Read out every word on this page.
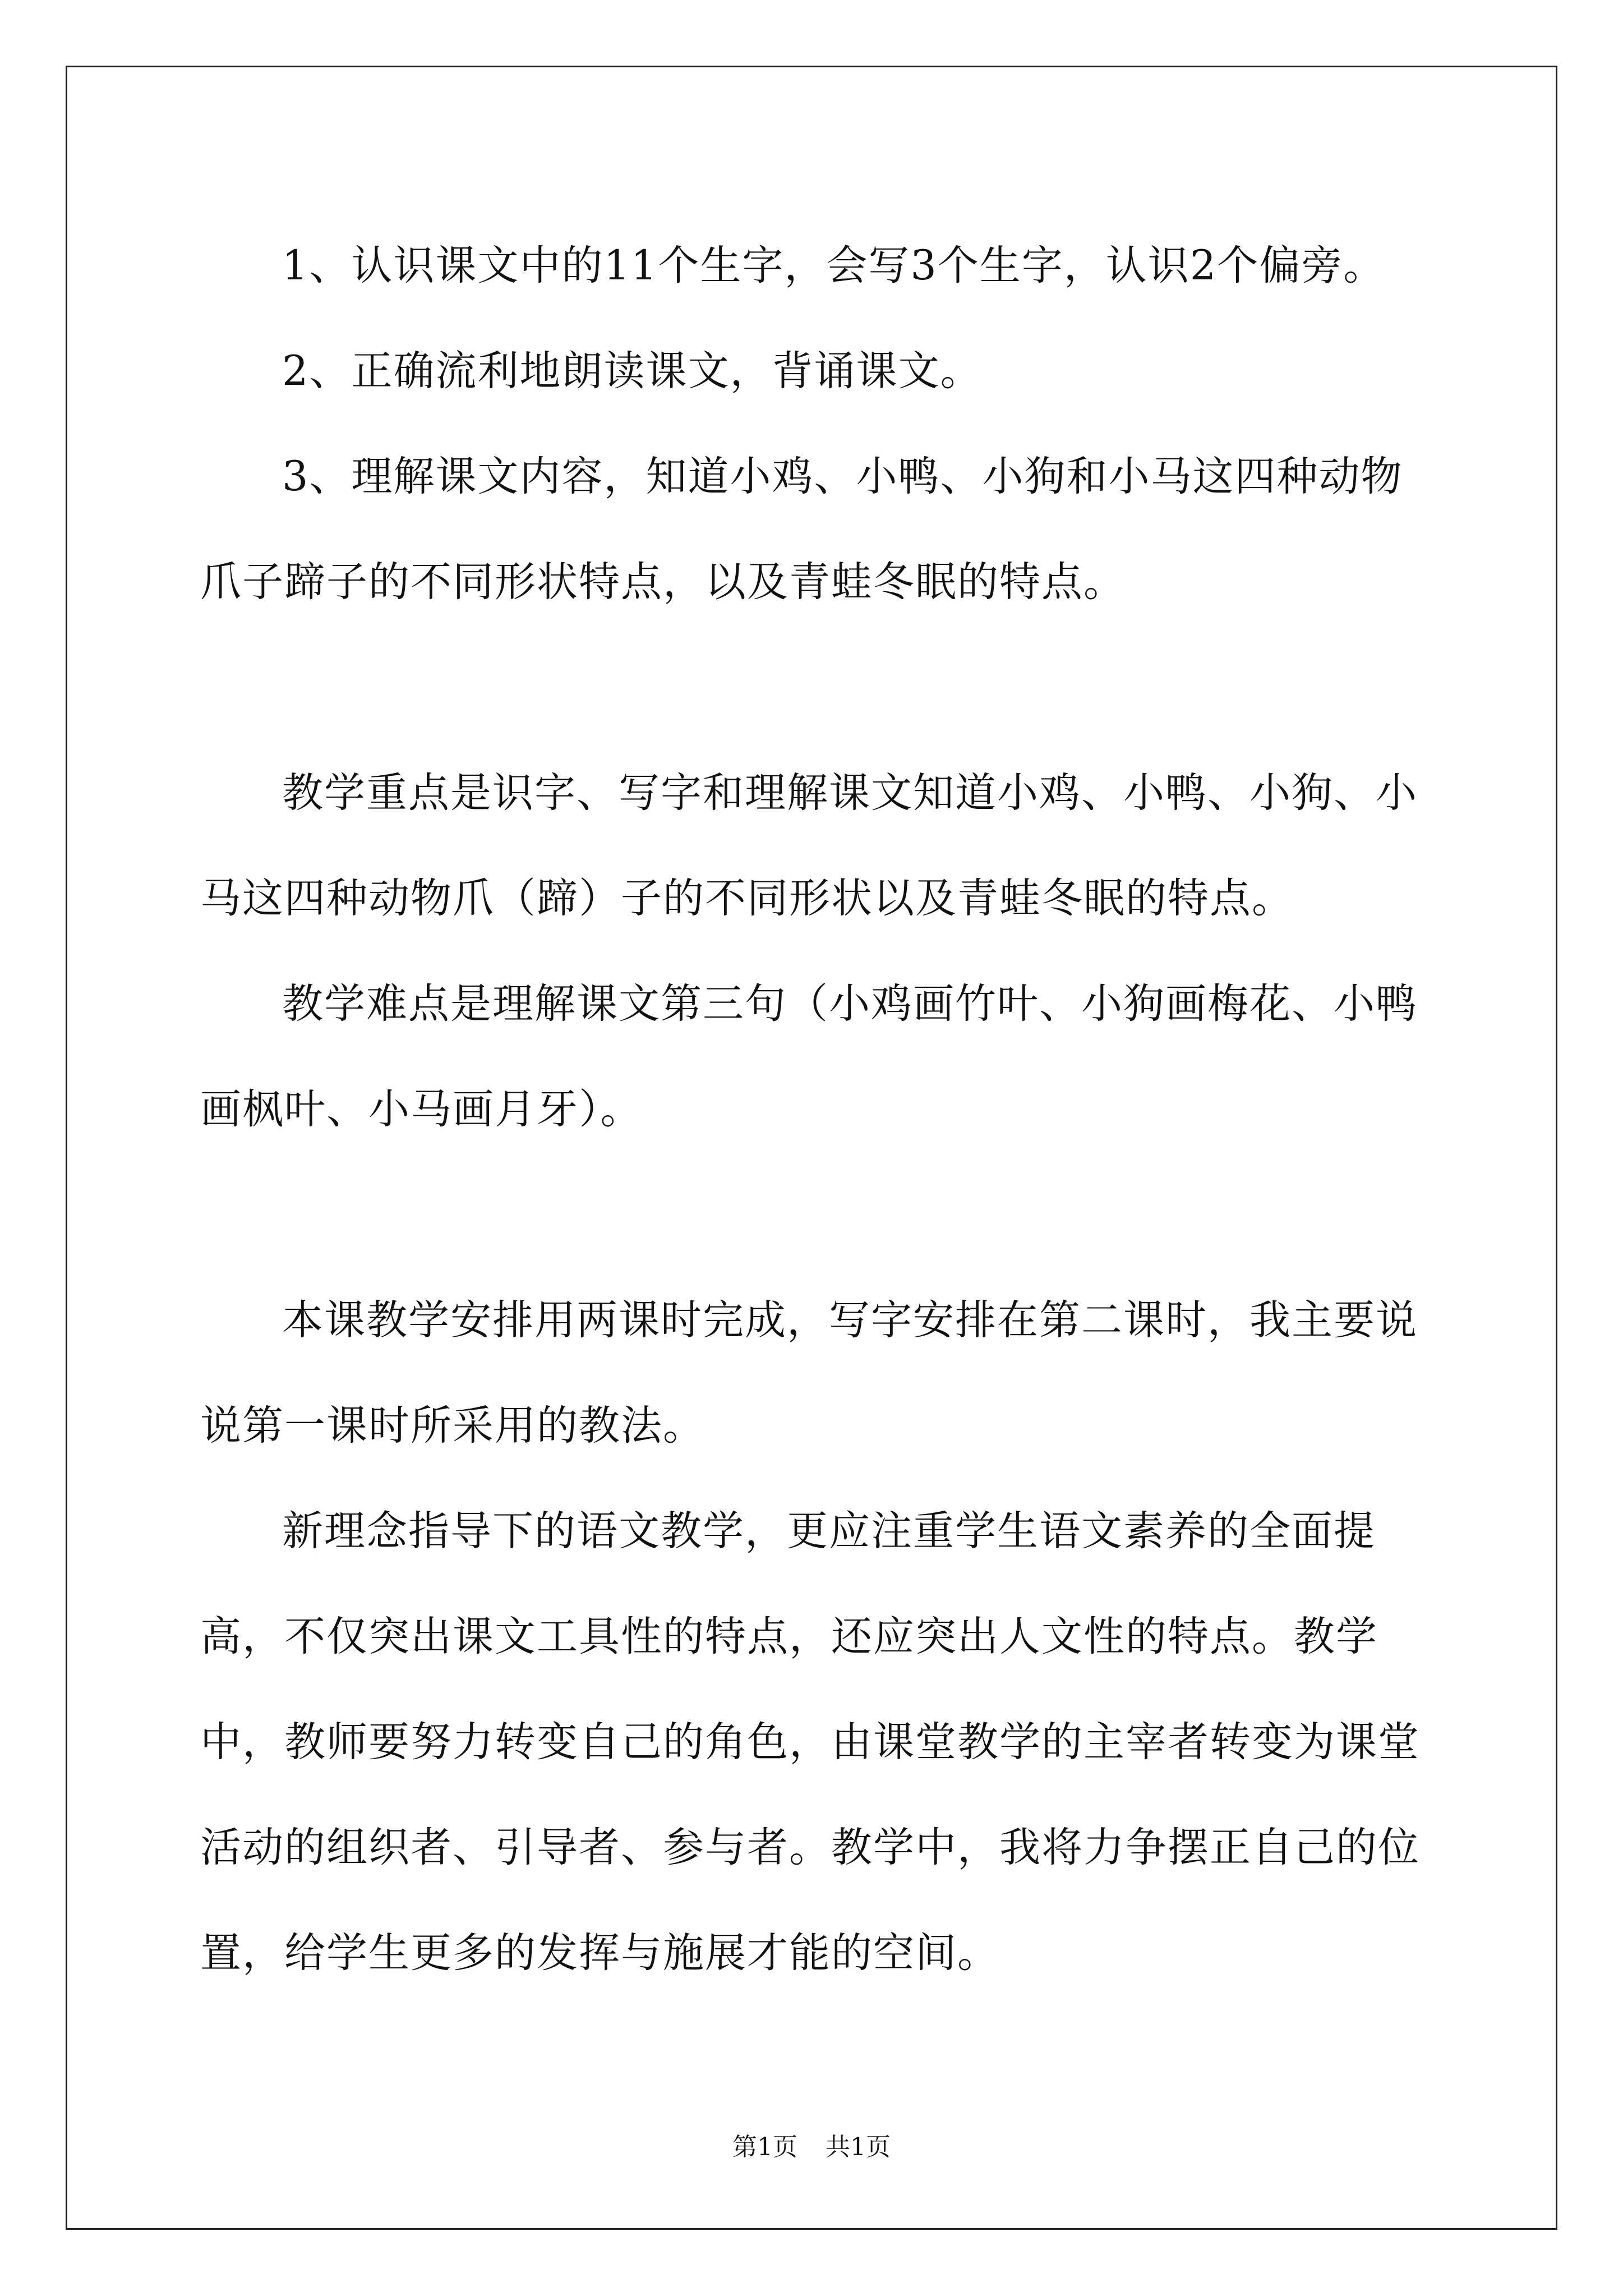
1、认识课文中的11个生字，会写3个生字，认识2个偏旁。

2、正确流利地朗读课文，背诵课文。

3、理解课文内容，知道小鸡、小鸭、小狗和小马这四种动物爪子蹄子的不同形状特点，以及青蛙冬眠的特点。

教学重点是识字、写字和理解课文知道小鸡、小鸭、小狗、小马这四种动物爪（蹄）子的不同形状以及青蛙冬眠的特点。

教学难点是理解课文第三句（小鸡画竹叶、小狗画梅花、小鸭画枫叶、小马画月牙）。

本课教学安排用两课时完成，写字安排在第二课时，我主要说说第一课时所采用的教法。

新理念指导下的语文教学，更应注重学生语文素养的全面提高，不仅突出课文工具性的特点，还应突出人文性的特点。教学中，教师要努力转变自己的角色，由课堂教学的主宰者转变为课堂活动的组织者、引导者、参与者。教学中，我将力争摆正自己的位置，给学生更多的发挥与施展才能的空间。

第1页 共1页
